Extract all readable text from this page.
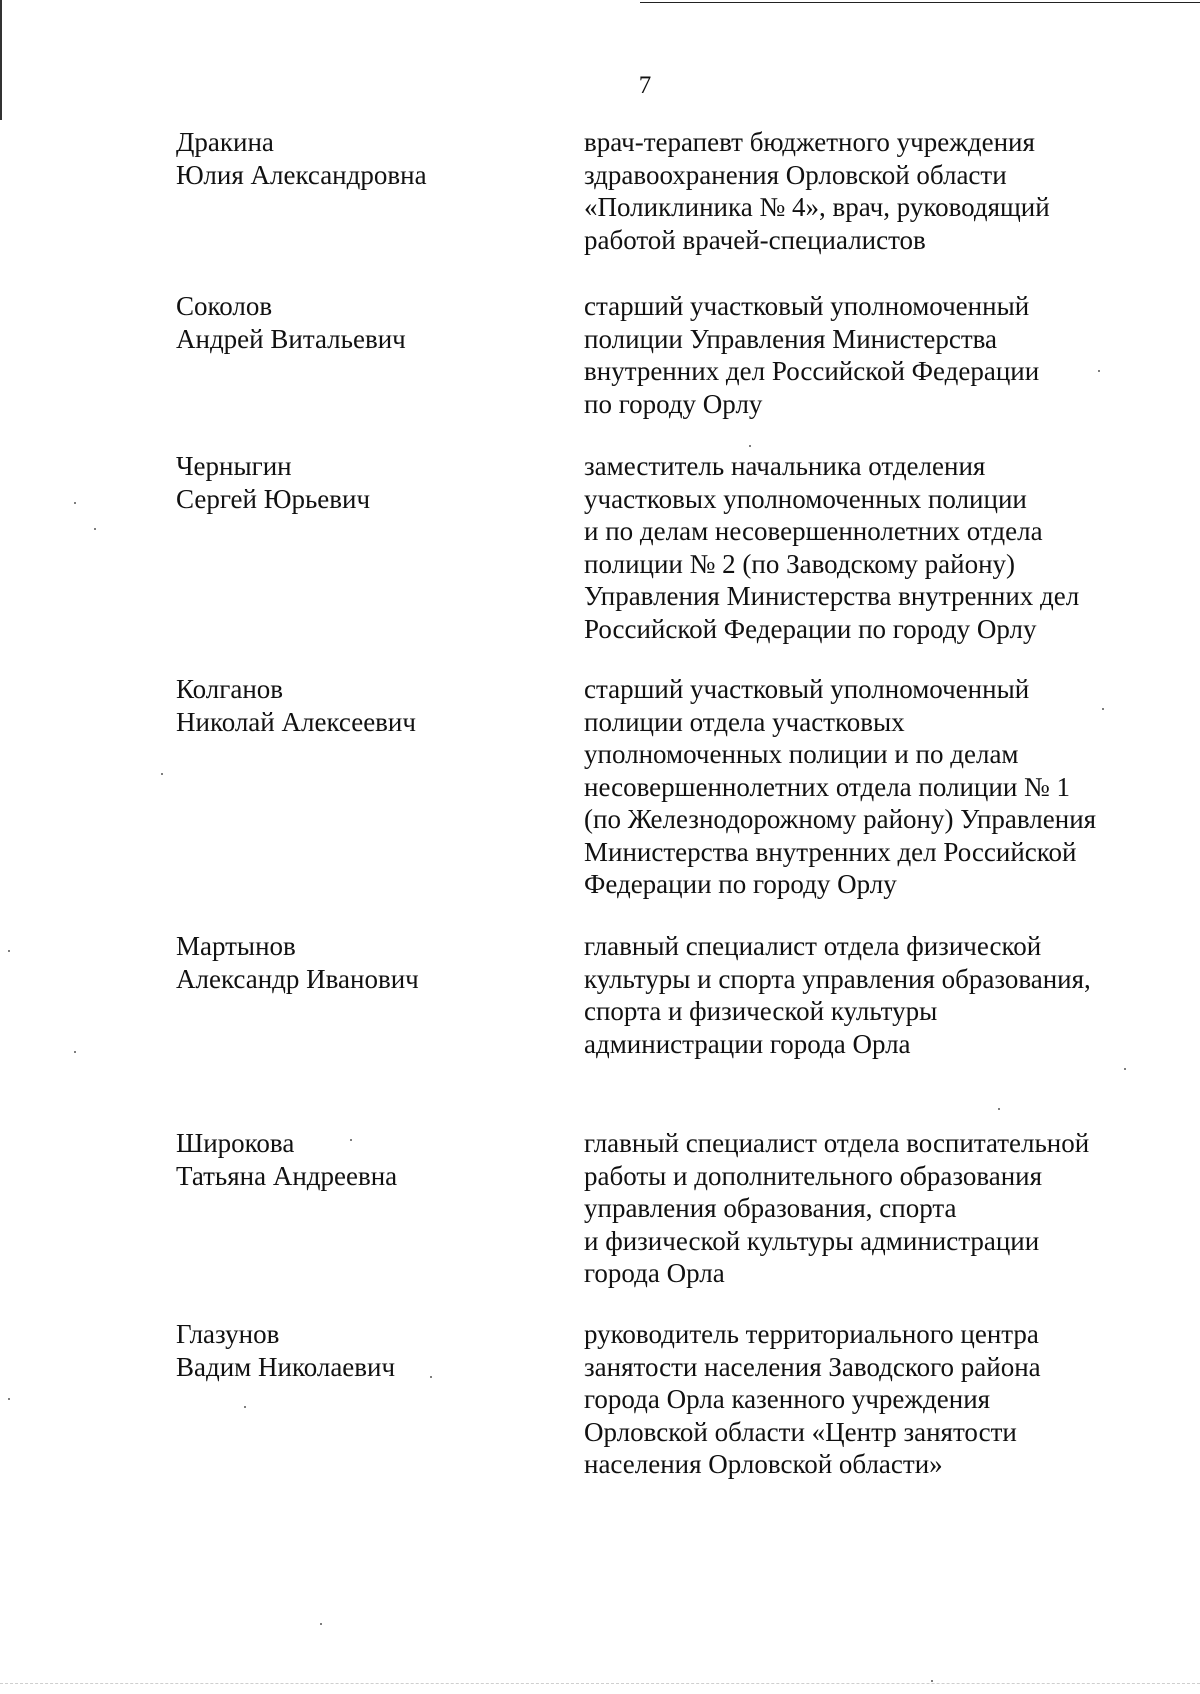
7
Дракина
Юлия Александровна
врач-терапевт бюджетного учреждения
здравоохранения Орловской области
«Поликлиника № 4», врач, руководящий
работой врачей-специалистов
Соколов
Андрей Витальевич
старший участковый уполномоченный
полиции Управления Министерства
внутренних дел Российской Федерации
по городу Орлу
Черныгин
Сергей Юрьевич
заместитель начальника отделения
участковых уполномоченных полиции
и по делам несовершеннолетних отдела
полиции № 2 (по Заводскому району)
Управления Министерства внутренних дел
Российской Федерации по городу Орлу
Колганов
Николай Алексеевич
старший участковый уполномоченный
полиции отдела участковых
уполномоченных полиции и по делам
несовершеннолетних отдела полиции № 1
(по Железнодорожному району) Управления
Министерства внутренних дел Российской
Федерации по городу Орлу
Мартынов
Александр Иванович
главный специалист отдела физической
культуры и спорта управления образования,
спорта и физической культуры
администрации города Орла
Широкова
Татьяна Андреевна
главный специалист отдела воспитательной
работы и дополнительного образования
управления образования, спорта
и физической культуры администрации
города Орла
Глазунов
Вадим Николаевич
руководитель территориального центра
занятости населения Заводского района
города Орла казенного учреждения
Орловской области «Центр занятости
населения Орловской области»
